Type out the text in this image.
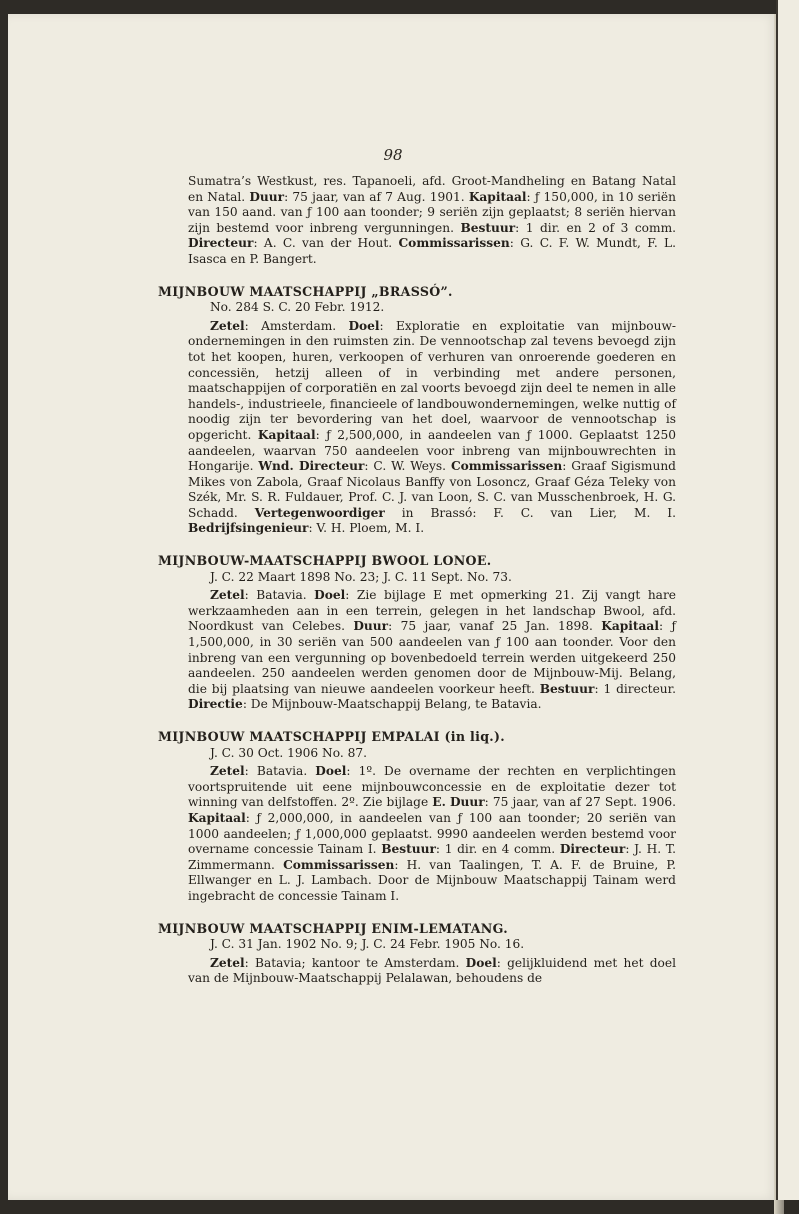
98

Sumatra’s Westkust, res. Tapanoeli, afd. Groot-Mandheling en Batang Natal en Natal. Duur: 75 jaar, van af 7 Aug. 1901. Kapitaal: ƒ 150,000, in 10 seriën van 150 aand. van ƒ 100 aan toonder; 9 seriën zijn geplaatst; 8 seriën hiervan zijn bestemd voor inbreng vergunningen. Bestuur: 1 dir. en 2 of 3 comm. Directeur: A. C. van der Hout. Commissarissen: G. C. F. W. Mundt, F. L. Isasca en P. Bangert.

MIJNBOUW MAATSCHAPPIJ „BRASSÓ”.

No. 284 S. C. 20 Febr. 1912.

Zetel: Amsterdam. Doel: Exploratie en exploitatie van mijnbouw-ondernemingen in den ruimsten zin. De vennootschap zal tevens bevoegd zijn tot het koopen, huren, verkoopen of verhuren van onroerende goederen en concessiën, hetzij alleen of in verbinding met andere personen, maatschappijen of corporatiën en zal voorts bevoegd zijn deel te nemen in alle handels-, industrieele, financieele of landbouwondernemingen, welke nuttig of noodig zijn ter bevordering van het doel, waarvoor de vennootschap is opgericht. Kapitaal: ƒ 2,500,000, in aandeelen van ƒ 1000. Geplaatst 1250 aandeelen, waarvan 750 aandeelen voor inbreng van mijnbouwrechten in Hongarije. Wnd. Directeur: C. W. Weys. Commissarissen: Graaf Sigismund Mikes von Zabola, Graaf Nicolaus Banffy von Losoncz, Graaf Géza Teleky von Szék, Mr. S. R. Fuldauer, Prof. C. J. van Loon, S. C. van Musschenbroek, H. G. Schadd. Vertegenwoordiger in Brassó: F. C. van Lier, M. I. Bedrijfsingenieur: V. H. Ploem, M. I.

MIJNBOUW-MAATSCHAPPIJ BWOOL LONOE.

J. C. 22 Maart 1898 No. 23; J. C. 11 Sept. No. 73.

Zetel: Batavia. Doel: Zie bijlage E met opmerking 21. Zij vangt hare werkzaamheden aan in een terrein, gelegen in het landschap Bwool, afd. Noordkust van Celebes. Duur: 75 jaar, vanaf 25 Jan. 1898. Kapitaal: ƒ 1,500,000, in 30 seriën van 500 aandeelen van ƒ 100 aan toonder. Voor den inbreng van een vergunning op bovenbedoeld terrein werden uitgekeerd 250 aandeelen. 250 aandeelen werden genomen door de Mijnbouw-Mij. Belang, die bij plaatsing van nieuwe aandeelen voorkeur heeft. Bestuur: 1 directeur. Directie: De Mijnbouw-Maatschappij Belang, te Batavia.

MIJNBOUW MAATSCHAPPIJ EMPALAI (in liq.).

J. C. 30 Oct. 1906 No. 87.

Zetel: Batavia. Doel: 1º. De overname der rechten en verplichtingen voortspruitende uit eene mijnbouwconcessie en de exploitatie dezer tot winning van delfstoffen. 2º. Zie bijlage E. Duur: 75 jaar, van af 27 Sept. 1906. Kapitaal: ƒ 2,000,000, in aandeelen van ƒ 100 aan toonder; 20 seriën van 1000 aandeelen; ƒ 1,000,000 geplaatst. 9990 aandeelen werden bestemd voor overname concessie Tainam I. Bestuur: 1 dir. en 4 comm. Directeur: J. H. T. Zimmermann. Commissarissen: H. van Taalingen, T. A. F. de Bruine, P. Ellwanger en L. J. Lambach. Door de Mijnbouw Maatschappij Tainam werd ingebracht de concessie Tainam I.

MIJNBOUW MAATSCHAPPIJ ENIM-LEMATANG.

J. C. 31 Jan. 1902 No. 9; J. C. 24 Febr. 1905 No. 16.

Zetel: Batavia; kantoor te Amsterdam. Doel: gelijkluidend met het doel van de Mijnbouw-Maatschappij Pelalawan, behoudens de
